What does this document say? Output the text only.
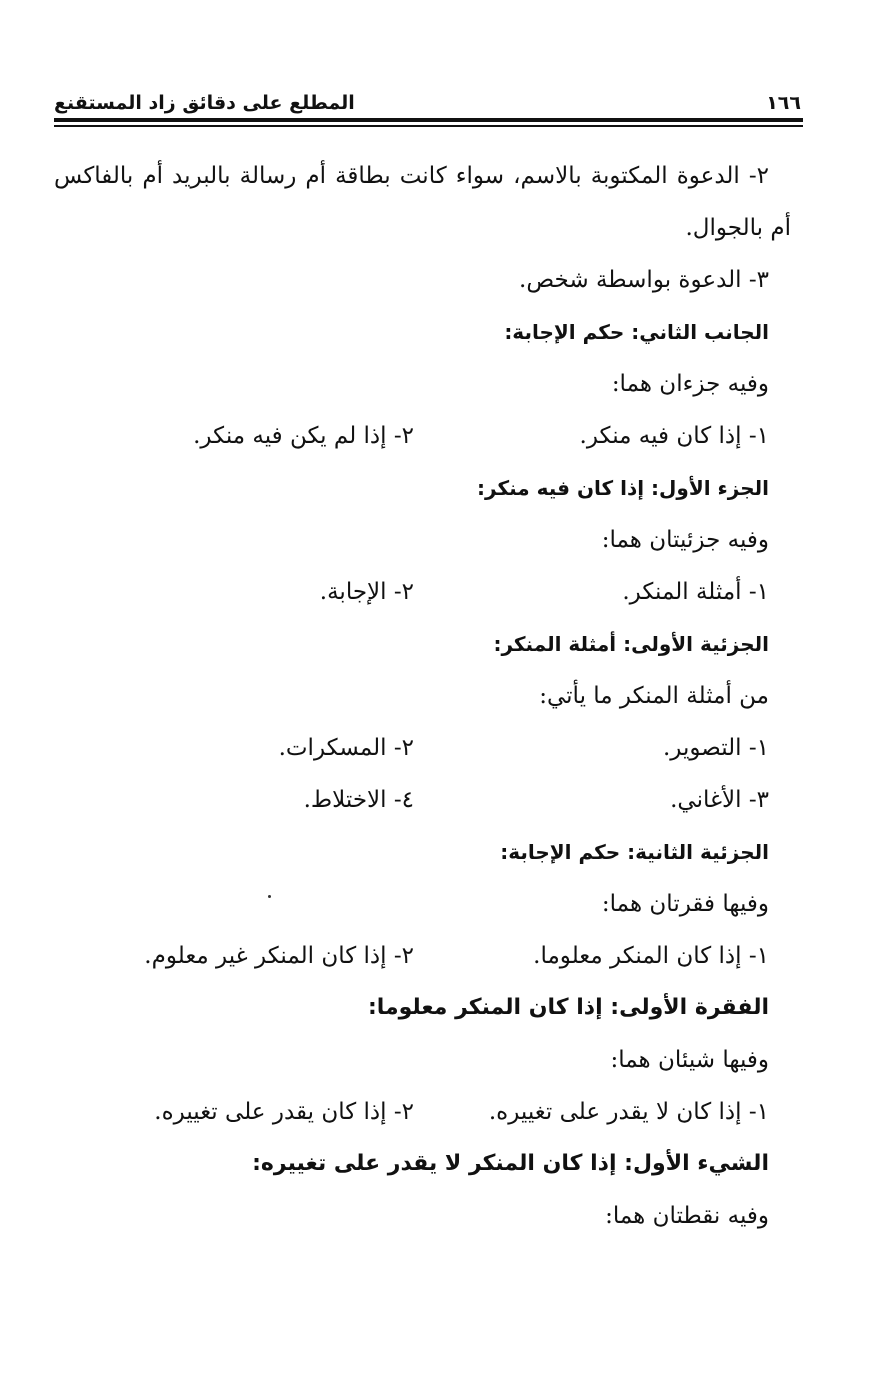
١٦٦
المطلع على دقائق زاد المستقنع
٢- الدعوة المكتوبة بالاسم، سواء كانت بطاقة أم رسالة بالبريد أم بالفاكس
أم بالجوال.
٣- الدعوة بواسطة شخص.
الجانب الثاني: حكم الإجابة:
وفيه جزءان هما:
١- إذا كان فيه منكر.
٢- إذا لم يكن فيه منكر.
الجزء الأول: إذا كان فيه منكر:
وفيه جزئيتان هما:
١- أمثلة المنكر.
٢- الإجابة.
الجزئية الأولى: أمثلة المنكر:
من أمثلة المنكر ما يأتي:
١- التصوير.
٢- المسكرات.
٣- الأغاني.
٤- الاختلاط.
الجزئية الثانية: حكم الإجابة:
وفيها فقرتان هما:
١- إذا كان المنكر معلوما.
٢- إذا كان المنكر غير معلوم.
الفقرة الأولى: إذا كان المنكر معلوما:
وفيها شيئان هما:
١- إذا كان لا يقدر على تغييره.
٢- إذا كان يقدر على تغييره.
الشيء الأول: إذا كان المنكر لا يقدر على تغييره:
وفيه نقطتان هما:
